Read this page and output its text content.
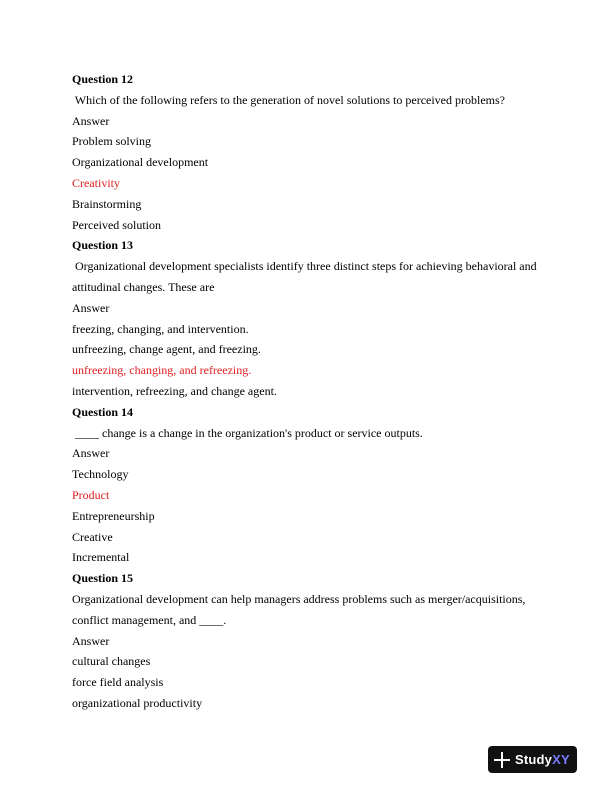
Question 12
Which of the following refers to the generation of novel solutions to perceived problems?
Answer
Problem solving
Organizational development
Creativity
Brainstorming
Perceived solution
Question 13
Organizational development specialists identify three distinct steps for achieving behavioral and
attitudinal changes. These are
Answer
freezing, changing, and intervention.
unfreezing, change agent, and freezing.
unfreezing, changing, and refreezing.
intervention, refreezing, and change agent.
Question 14
____ change is a change in the organization's product or service outputs.
Answer
Technology
Product
Entrepreneurship
Creative
Incremental
Question 15
Organizational development can help managers address problems such as merger/acquisitions,
conflict management, and ____.
Answer
cultural changes
force field analysis
organizational productivity
StudyXY
